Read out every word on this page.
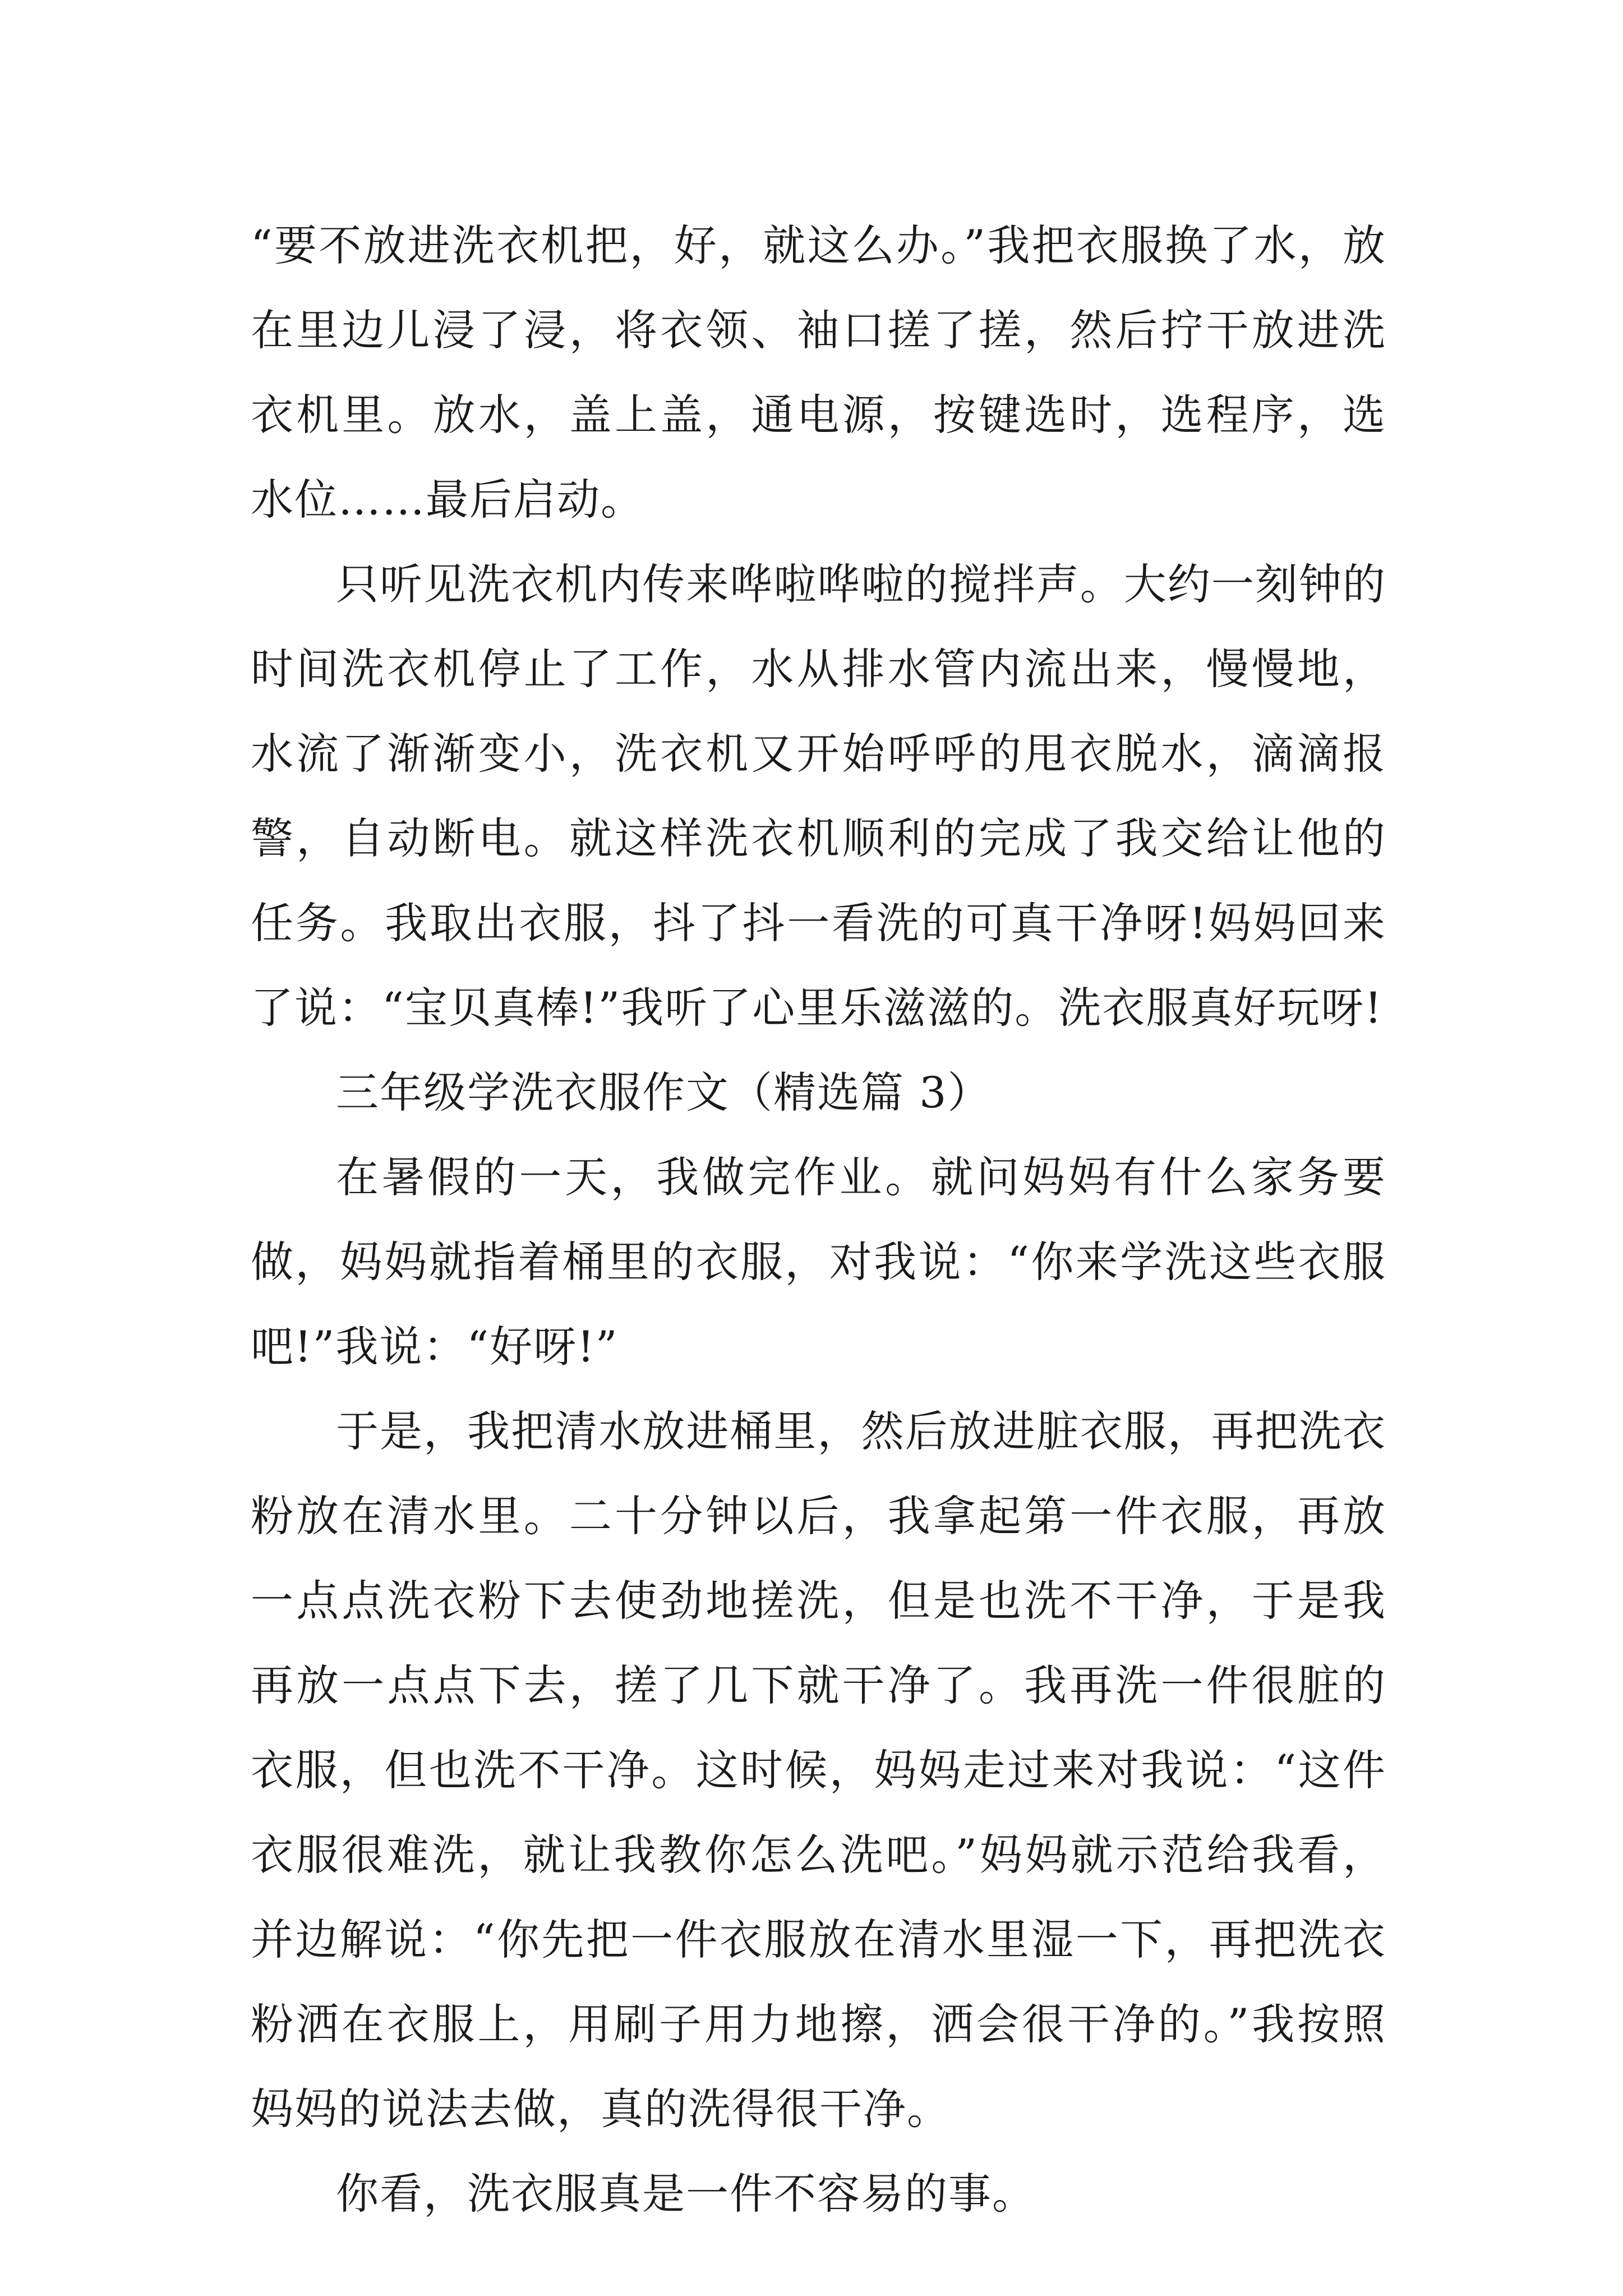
“要不放进洗衣机把，好，就这么办。”我把衣服换了水，放在里边儿浸了浸，将衣领、袖口搓了搓，然后拧干放进洗衣机里。放水，盖上盖，通电源，按键选时，选程序，选水位……最后启动。

只听见洗衣机内传来哗啦哗啦的搅拌声。大约一刻钟的时间洗衣机停止了工作，水从排水管内流出来，慢慢地，水流了渐渐变小，洗衣机又开始呼呼的甩衣脱水，滴滴报警，自动断电。就这样洗衣机顺利的完成了我交给让他的任务。我取出衣服，抖了抖一看洗的可真干净呀!妈妈回来了说：“宝贝真棒!”我听了心里乐滋滋的。洗衣服真好玩呀!

三年级学洗衣服作文（精选篇 3）

在暑假的一天，我做完作业。就问妈妈有什么家务要做，妈妈就指着桶里的衣服，对我说：“你来学洗这些衣服吧!”我说：“好呀!”

于是，我把清水放进桶里，然后放进脏衣服，再把洗衣粉放在清水里。二十分钟以后，我拿起第一件衣服，再放一点点洗衣粉下去使劲地搓洗，但是也洗不干净，于是我再放一点点下去，搓了几下就干净了。我再洗一件很脏的衣服，但也洗不干净。这时候，妈妈走过来对我说：“这件衣服很难洗，就让我教你怎么洗吧。”妈妈就示范给我看，并边解说：“你先把一件衣服放在清水里湿一下，再把洗衣粉洒在衣服上，用刷子用力地擦，洒会很干净的。”我按照妈妈的说法去做，真的洗得很干净。

你看，洗衣服真是一件不容易的事。
